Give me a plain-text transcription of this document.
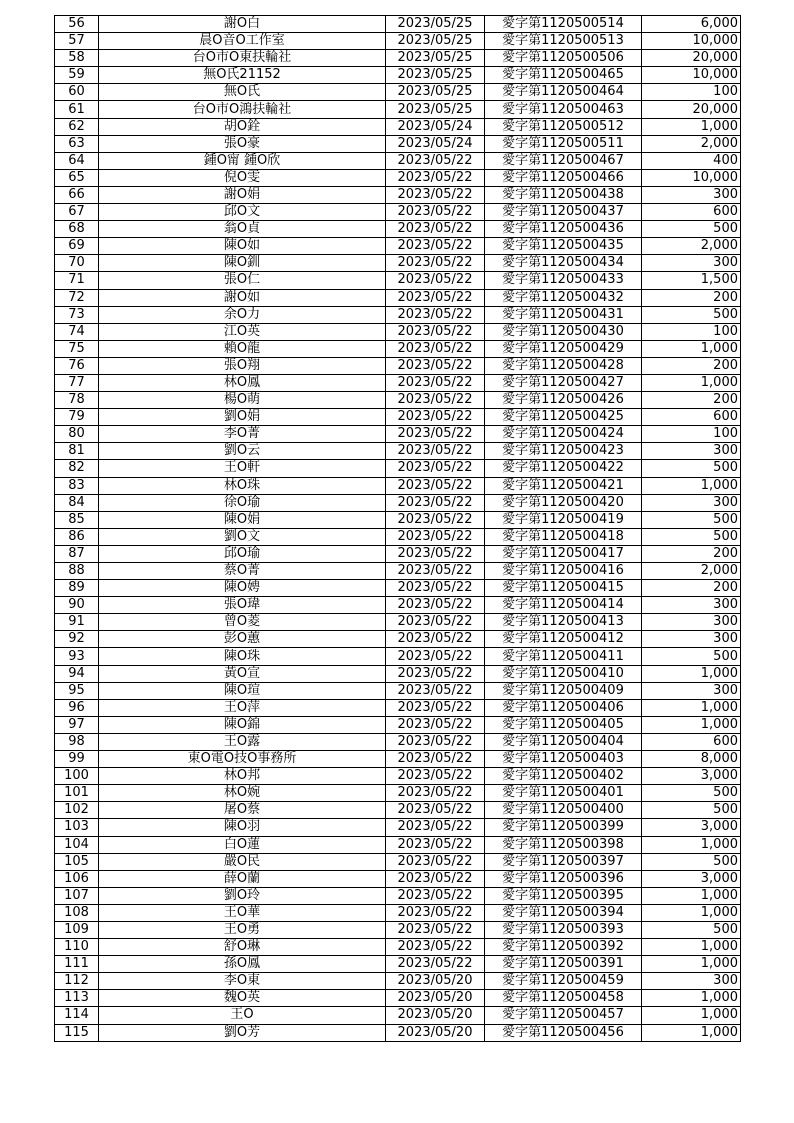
56	謝O白	2023/05/25	愛字第1120500514	6,000
57	晨O音O工作室	2023/05/25	愛字第1120500513	10,000
58	台O市O東扶輪社	2023/05/25	愛字第1120500506	20,000
59	無O氏21152	2023/05/25	愛字第1120500465	10,000
60	無O氏	2023/05/25	愛字第1120500464	100
61	台O市O鴻扶輪社	2023/05/25	愛字第1120500463	20,000
62	胡O銓	2023/05/24	愛字第1120500512	1,000
63	張O豪	2023/05/24	愛字第1120500511	2,000
64	鍾O甯 鍾O欣	2023/05/22	愛字第1120500467	400
65	倪O雯	2023/05/22	愛字第1120500466	10,000
66	謝O娟	2023/05/22	愛字第1120500438	300
67	邱O文	2023/05/22	愛字第1120500437	600
68	翁O貞	2023/05/22	愛字第1120500436	500
69	陳O如	2023/05/22	愛字第1120500435	2,000
70	陳O釧	2023/05/22	愛字第1120500434	300
71	張O仁	2023/05/22	愛字第1120500433	1,500
72	謝O如	2023/05/22	愛字第1120500432	200
73	余O力	2023/05/22	愛字第1120500431	500
74	江O英	2023/05/22	愛字第1120500430	100
75	賴O龍	2023/05/22	愛字第1120500429	1,000
76	張O翔	2023/05/22	愛字第1120500428	200
77	林O鳳	2023/05/22	愛字第1120500427	1,000
78	楊O萌	2023/05/22	愛字第1120500426	200
79	劉O娟	2023/05/22	愛字第1120500425	600
80	李O菁	2023/05/22	愛字第1120500424	100
81	劉O云	2023/05/22	愛字第1120500423	300
82	王O軒	2023/05/22	愛字第1120500422	500
83	林O珠	2023/05/22	愛字第1120500421	1,000
84	徐O瑜	2023/05/22	愛字第1120500420	300
85	陳O娟	2023/05/22	愛字第1120500419	500
86	劉O文	2023/05/22	愛字第1120500418	500
87	邱O瑜	2023/05/22	愛字第1120500417	200
88	蔡O菁	2023/05/22	愛字第1120500416	2,000
89	陳O娉	2023/05/22	愛字第1120500415	200
90	張O瑋	2023/05/22	愛字第1120500414	300
91	曾O菱	2023/05/22	愛字第1120500413	300
92	彭O蕙	2023/05/22	愛字第1120500412	300
93	陳O珠	2023/05/22	愛字第1120500411	500
94	黃O宣	2023/05/22	愛字第1120500410	1,000
95	陳O瑄	2023/05/22	愛字第1120500409	300
96	王O萍	2023/05/22	愛字第1120500406	1,000
97	陳O錦	2023/05/22	愛字第1120500405	1,000
98	王O露	2023/05/22	愛字第1120500404	600
99	東O電O技O事務所	2023/05/22	愛字第1120500403	8,000
100	林O邦	2023/05/22	愛字第1120500402	3,000
101	林O婉	2023/05/22	愛字第1120500401	500
102	屠O蔡	2023/05/22	愛字第1120500400	500
103	陳O羽	2023/05/22	愛字第1120500399	3,000
104	白O蓮	2023/05/22	愛字第1120500398	1,000
105	嚴O民	2023/05/22	愛字第1120500397	500
106	薛O蘭	2023/05/22	愛字第1120500396	3,000
107	劉O玲	2023/05/22	愛字第1120500395	1,000
108	王O華	2023/05/22	愛字第1120500394	1,000
109	王O勇	2023/05/22	愛字第1120500393	500
110	舒O琳	2023/05/22	愛字第1120500392	1,000
111	孫O鳳	2023/05/22	愛字第1120500391	1,000
112	李O東	2023/05/20	愛字第1120500459	300
113	魏O英	2023/05/20	愛字第1120500458	1,000
114	王O	2023/05/20	愛字第1120500457	1,000
115	劉O芳	2023/05/20	愛字第1120500456	1,000
